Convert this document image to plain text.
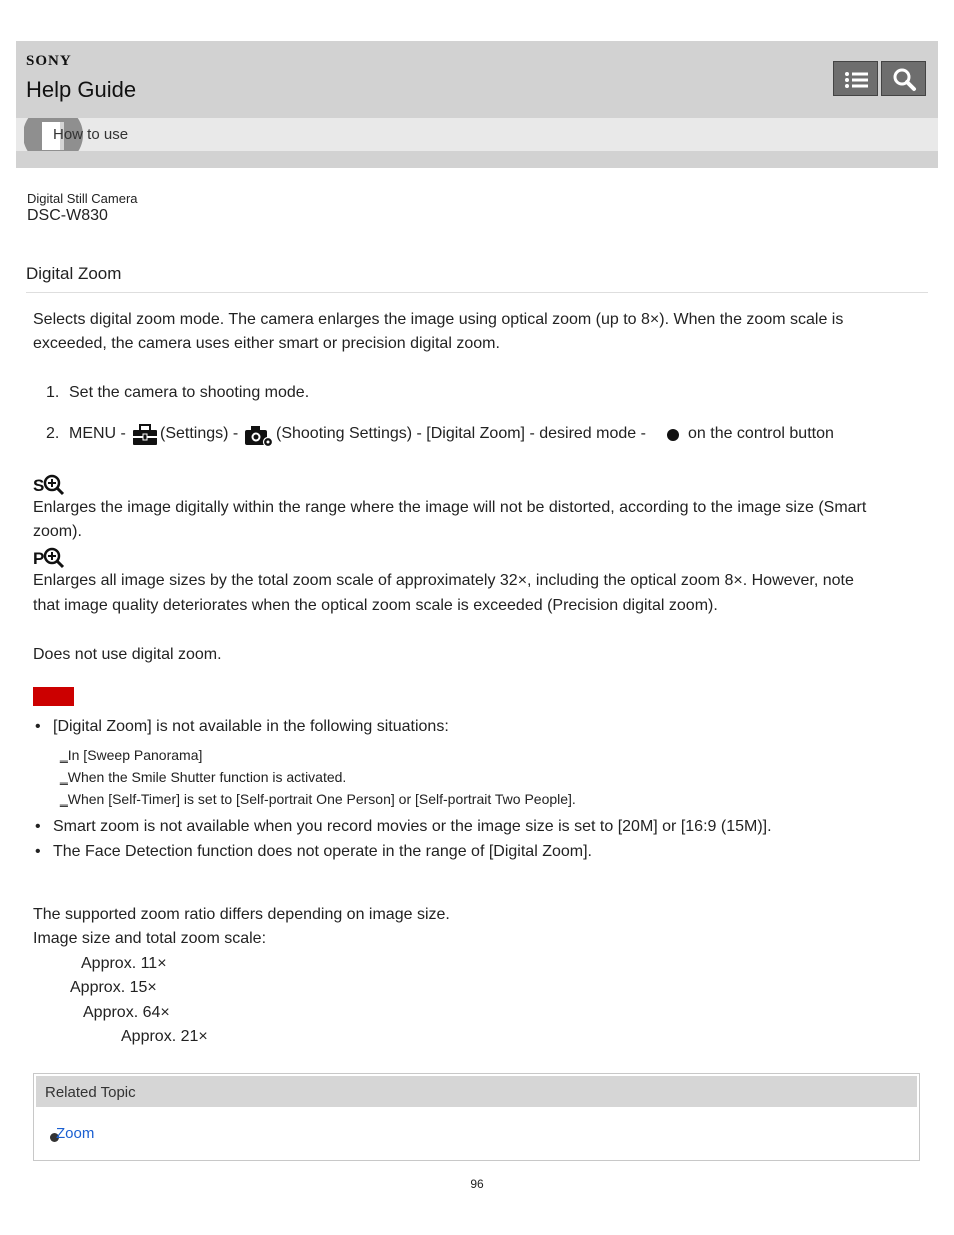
SONY
Help Guide
How to use
Digital Still Camera
DSC-W830
Digital Zoom
Selects digital zoom mode. The camera enlarges the image using optical zoom (up to 8×). When the zoom scale is
exceeded, the camera uses either smart or precision digital zoom.
1. Set the camera to shooting mode.
2. MENU - (Settings) - (Shooting Settings) - [Digital Zoom] - desired mode -	on the control button
S
Enlarges the image digitally within the range where the image will not be distorted, according to the image size (Smart
zoom).
P
Enlarges all image sizes by the total zoom scale of approximately 32×, including the optical zoom 8×. However, note
that image quality deteriorates when the optical zoom scale is exceeded (Precision digital zoom).
Does not use digital zoom.
• [Digital Zoom] is not available in the following situations:
‗In [Sweep Panorama]
‗When the Smile Shutter function is activated.
‗When [Self-Timer] is set to [Self-portrait One Person] or [Self-portrait Two People].
• Smart zoom is not available when you record movies or the image size is set to [20M] or [16:9 (15M)].
• The Face Detection function does not operate in the range of [Digital Zoom].
The supported zoom ratio differs depending on image size.
Image size and total zoom scale:
Approx. 11×
Approx. 15×
Approx. 64×
Approx. 21×
Related Topic
Zoom
96
